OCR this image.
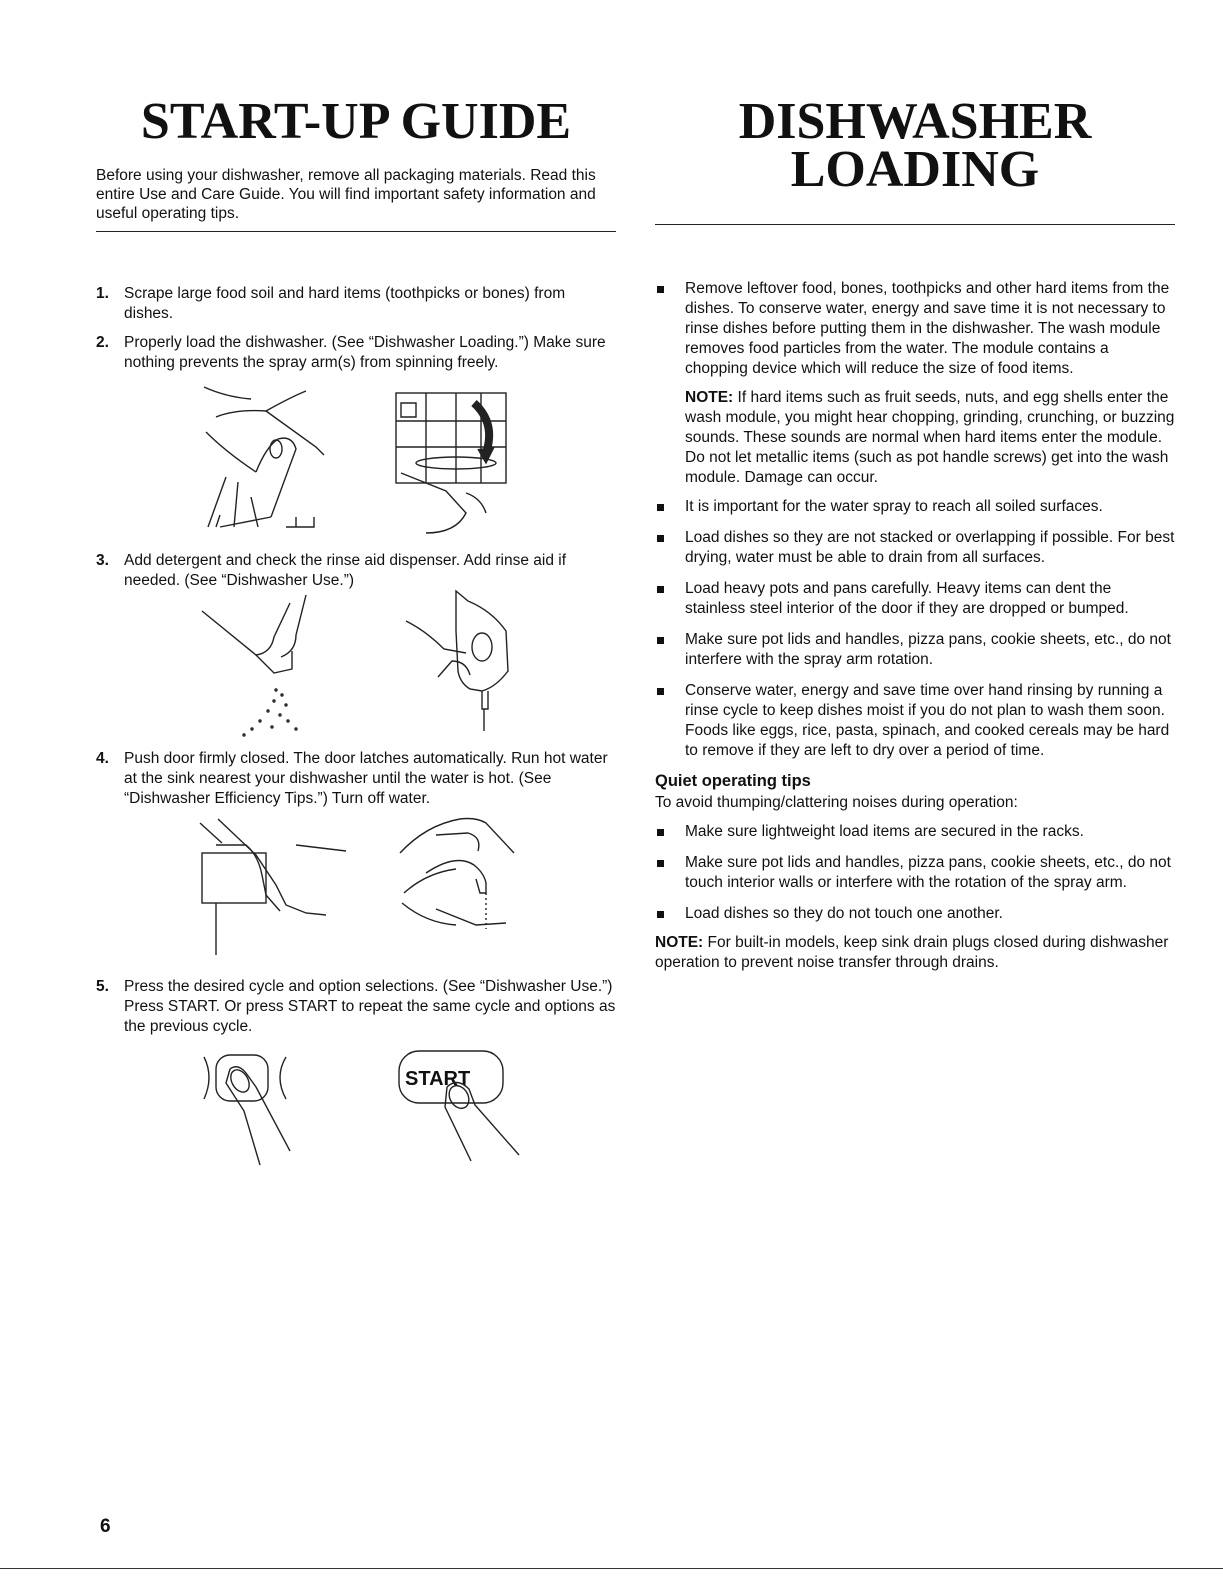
START-UP GUIDE

Before using your dishwasher, remove all packaging materials. Read this entire Use and Care Guide. You will find important safety information and useful operating tips.

1. Scrape large food soil and hard items (toothpicks or bones) from dishes.
2. Properly load the dishwasher. (See “Dishwasher Loading.”) Make sure nothing prevents the spray arm(s) from spinning freely.
3. Add detergent and check the rinse aid dispenser. Add rinse aid if needed. (See “Dishwasher Use.”)
4. Push door firmly closed. The door latches automatically. Run hot water at the sink nearest your dishwasher until the water is hot. (See “Dishwasher Efficiency Tips.”) Turn off water.
5. Press the desired cycle and option selections. (See “Dishwasher Use.”) Press START. Or press START to repeat the same cycle and options as the previous cycle.
START
DISHWASHER
LOADING
Remove leftover food, bones, toothpicks and other hard items from the dishes. To conserve water, energy and save time it is not necessary to rinse dishes before putting them in the dishwasher. The wash module removes food particles from the water. The module contains a chopping device which will reduce the size of food items.

NOTE: If hard items such as fruit seeds, nuts, and egg shells enter the wash module, you might hear chopping, grinding, crunching, or buzzing sounds. These sounds are normal when hard items enter the module. Do not let metallic items (such as pot handle screws) get into the wash module. Damage can occur.

It is important for the water spray to reach all soiled surfaces.
Load dishes so they are not stacked or overlapping if possible. For best drying, water must be able to drain from all surfaces.
Load heavy pots and pans carefully. Heavy items can dent the stainless steel interior of the door if they are dropped or bumped.
Make sure pot lids and handles, pizza pans, cookie sheets, etc., do not interfere with the spray arm rotation.
Conserve water, energy and save time over hand rinsing by running a rinse cycle to keep dishes moist if you do not plan to wash them soon. Foods like eggs, rice, pasta, spinach, and cooked cereals may be hard to remove if they are left to dry over a period of time.
Quiet operating tips

To avoid thumping/clattering noises during operation:

Make sure lightweight load items are secured in the racks.
Make sure pot lids and handles, pizza pans, cookie sheets, etc., do not touch interior walls or interfere with the rotation of the spray arm.
Load dishes so they do not touch one another.

NOTE: For built-in models, keep sink drain plugs closed during dishwasher operation to prevent noise transfer through drains.

6
